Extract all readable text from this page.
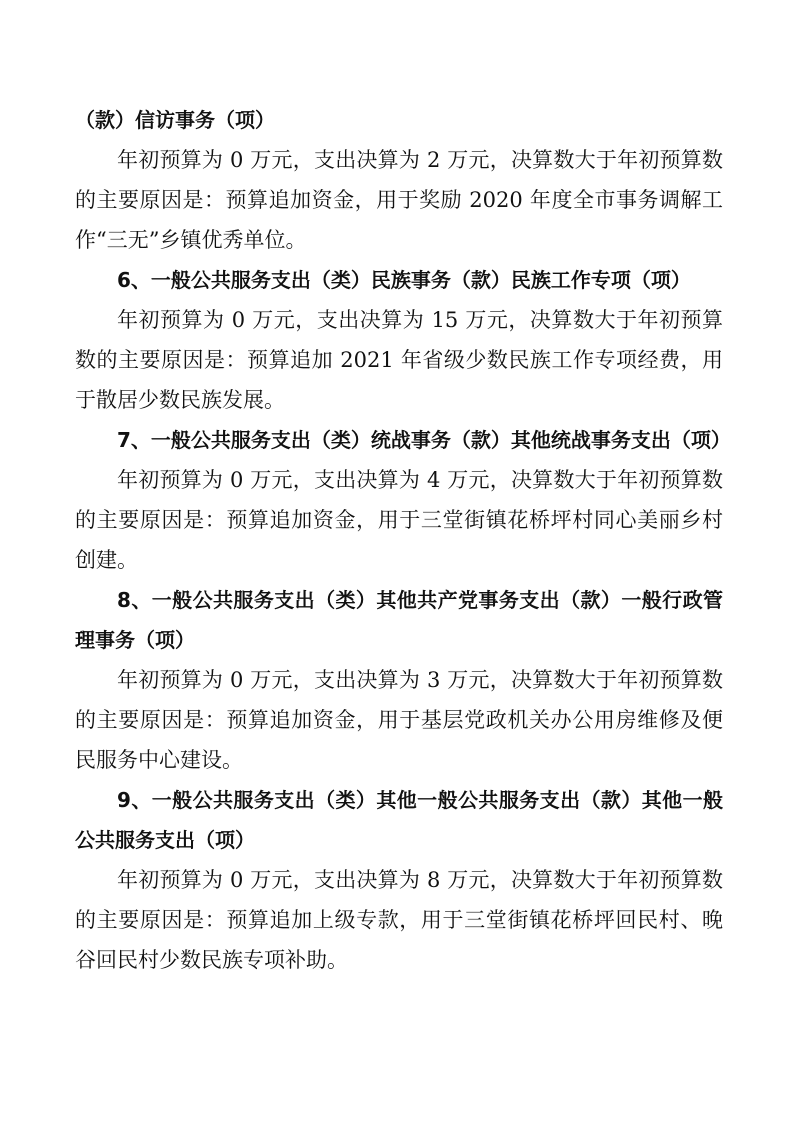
（款）信访事务（项）

年初预算为 0 万元，支出决算为 2 万元，决算数大于年初预算数的主要原因是：预算追加资金，用于奖励 2020 年度全市事务调解工作“三无”乡镇优秀单位。

6、一般公共服务支出（类）民族事务（款）民族工作专项（项）

年初预算为 0 万元，支出决算为 15 万元，决算数大于年初预算数的主要原因是：预算追加 2021 年省级少数民族工作专项经费，用于散居少数民族发展。

7、一般公共服务支出（类）统战事务（款）其他统战事务支出（项）

年初预算为 0 万元，支出决算为 4 万元，决算数大于年初预算数的主要原因是：预算追加资金，用于三堂街镇花桥坪村同心美丽乡村创建。

8、一般公共服务支出（类）其他共产党事务支出（款）一般行政管理事务（项）

年初预算为 0 万元，支出决算为 3 万元，决算数大于年初预算数的主要原因是：预算追加资金，用于基层党政机关办公用房维修及便民服务中心建设。

9、一般公共服务支出（类）其他一般公共服务支出（款）其他一般公共服务支出（项）

年初预算为 0 万元，支出决算为 8 万元，决算数大于年初预算数的主要原因是：预算追加上级专款，用于三堂街镇花桥坪回民村、晚谷回民村少数民族专项补助。
